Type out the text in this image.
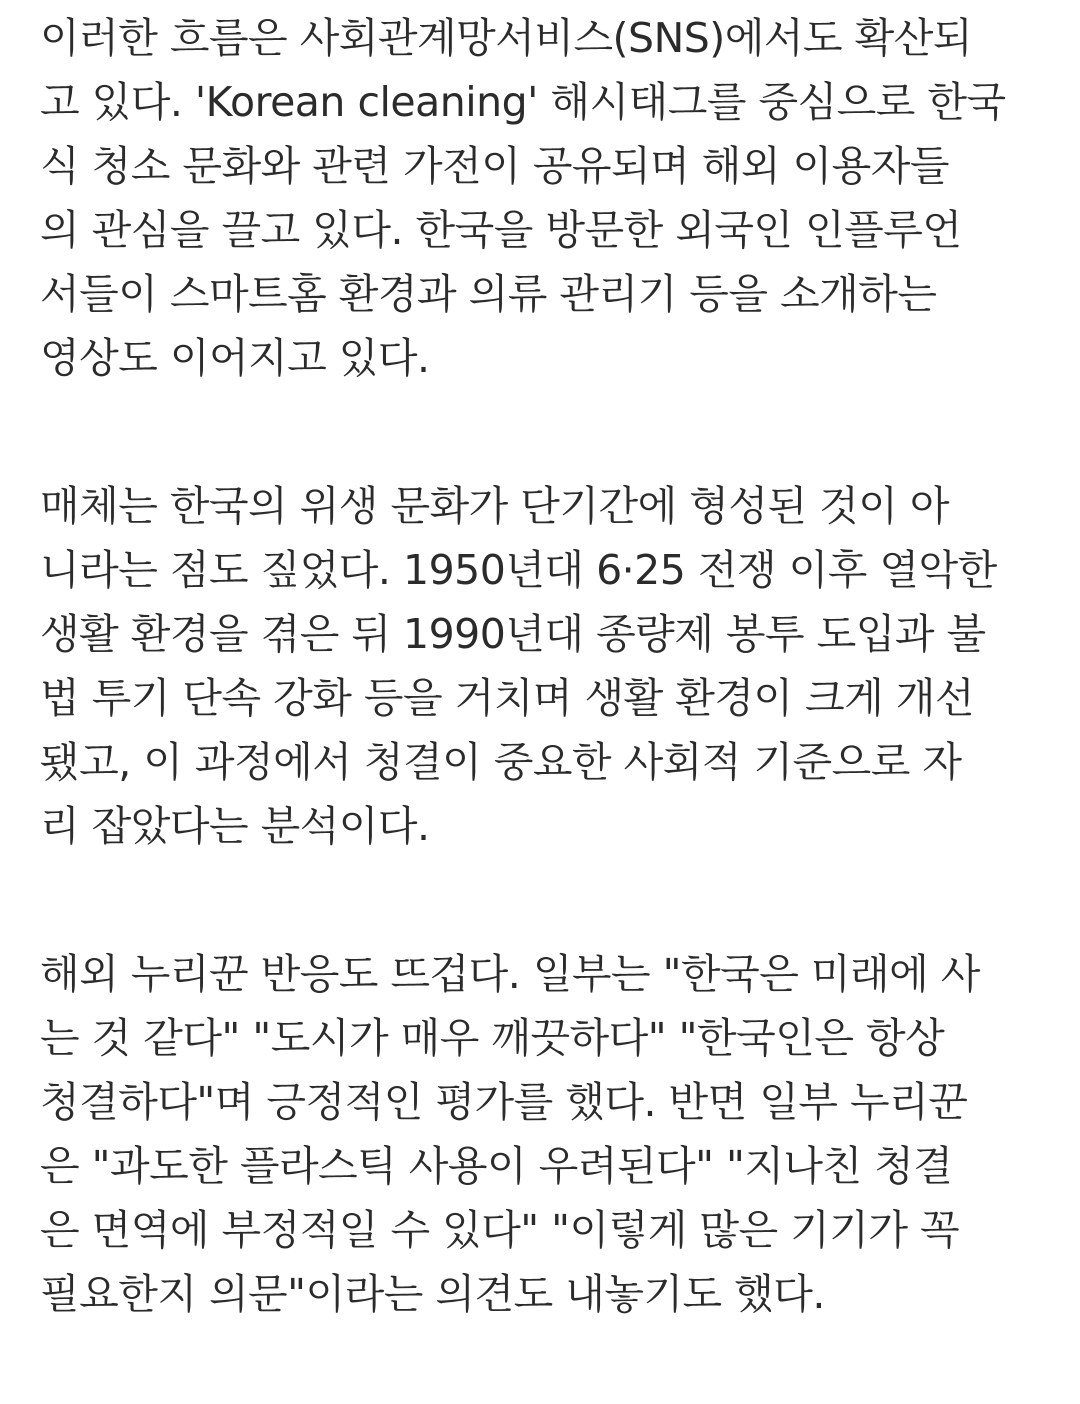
이러한 흐름은 사회관계망서비스(SNS)에서도 확산되
고 있다. 'Korean cleaning' 해시태그를 중심으로 한국
식 청소 문화와 관련 가전이 공유되며 해외 이용자들
의 관심을 끌고 있다. 한국을 방문한 외국인 인플루언
서들이 스마트홈 환경과 의류 관리기 등을 소개하는
영상도 이어지고 있다.
매체는 한국의 위생 문화가 단기간에 형성된 것이 아
니라는 점도 짚었다. 1950년대 6·25 전쟁 이후 열악한
생활 환경을 겪은 뒤 1990년대 종량제 봉투 도입과 불
법 투기 단속 강화 등을 거치며 생활 환경이 크게 개선
됐고, 이 과정에서 청결이 중요한 사회적 기준으로 자
리 잡았다는 분석이다.
해외 누리꾼 반응도 뜨겁다. 일부는 "한국은 미래에 사
는 것 같다" "도시가 매우 깨끗하다" "한국인은 항상
청결하다"며 긍정적인 평가를 했다. 반면 일부 누리꾼
은 "과도한 플라스틱 사용이 우려된다" "지나친 청결
은 면역에 부정적일 수 있다" "이렇게 많은 기기가 꼭
필요한지 의문"이라는 의견도 내놓기도 했다.
